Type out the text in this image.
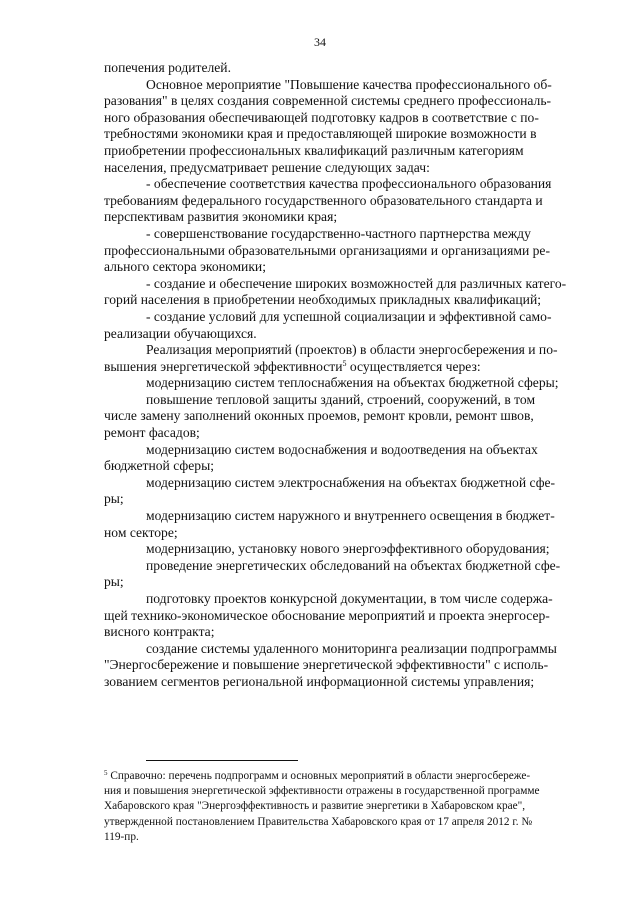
34

попечения родителей.

Основное мероприятие "Повышение качества профессионального об-

разования" в целях создания современной системы среднего профессиональ-

ного образования обеспечивающей подготовку кадров в соответствие с по-

требностями экономики края и предоставляющей широкие возможности в

приобретении профессиональных квалификаций различным категориям

населения, предусматривает решение следующих задач:

- обеспечение соответствия качества профессионального образования

требованиям федерального государственного образовательного стандарта и

перспективам развития экономики края;

- совершенствование государственно-частного партнерства между

профессиональными образовательными организациями и организациями ре-

ального сектора экономики;

- создание и обеспечение широких возможностей для различных катего-

горий населения в приобретении необходимых прикладных квалификаций;

- создание условий для успешной социализации и эффективной само-

реализации обучающихся.

Реализация мероприятий (проектов) в области энергосбережения и по-

вышения энергетической эффективности$^5$ осуществляется через:

модернизацию систем теплоснабжения на объектах бюджетной сферы;

повышение тепловой защиты зданий, строений, сооружений, в том

числе замену заполнений оконных проемов, ремонт кровли, ремонт швов,

ремонт фасадов;

модернизацию систем водоснабжения и водоотведения на объектах

бюджетной сферы;

модернизацию систем электроснабжения на объектах бюджетной сфе-

ры;

модернизацию систем наружного и внутреннего освещения в бюджет-

ном секторе;

модернизацию, установку нового энергоэффективного оборудования;

проведение энергетических обследований на объектах бюджетной сфе-

ры;

подготовку проектов конкурсной документации, в том числе содержа-

щей технико-экономическое обоснование мероприятий и проекта энергосер-

висного контракта;

создание системы удаленного мониторинга реализации подпрограммы

"Энергосбережение и повышение энергетической эффективности" с исполь-

зованием сегментов региональной информационной системы управления;

$^5$ Справочно: перечень подпрограмм и основных мероприятий в области энергосбереже-

ния и повышения энергетической эффективности отражены в государственной программе

Хабаровского края "Энергоэффективность и развитие энергетики в Хабаровском крае",

утвержденной постановлением Правительства Хабаровского края от 17 апреля 2012 г. №

119-пр.
